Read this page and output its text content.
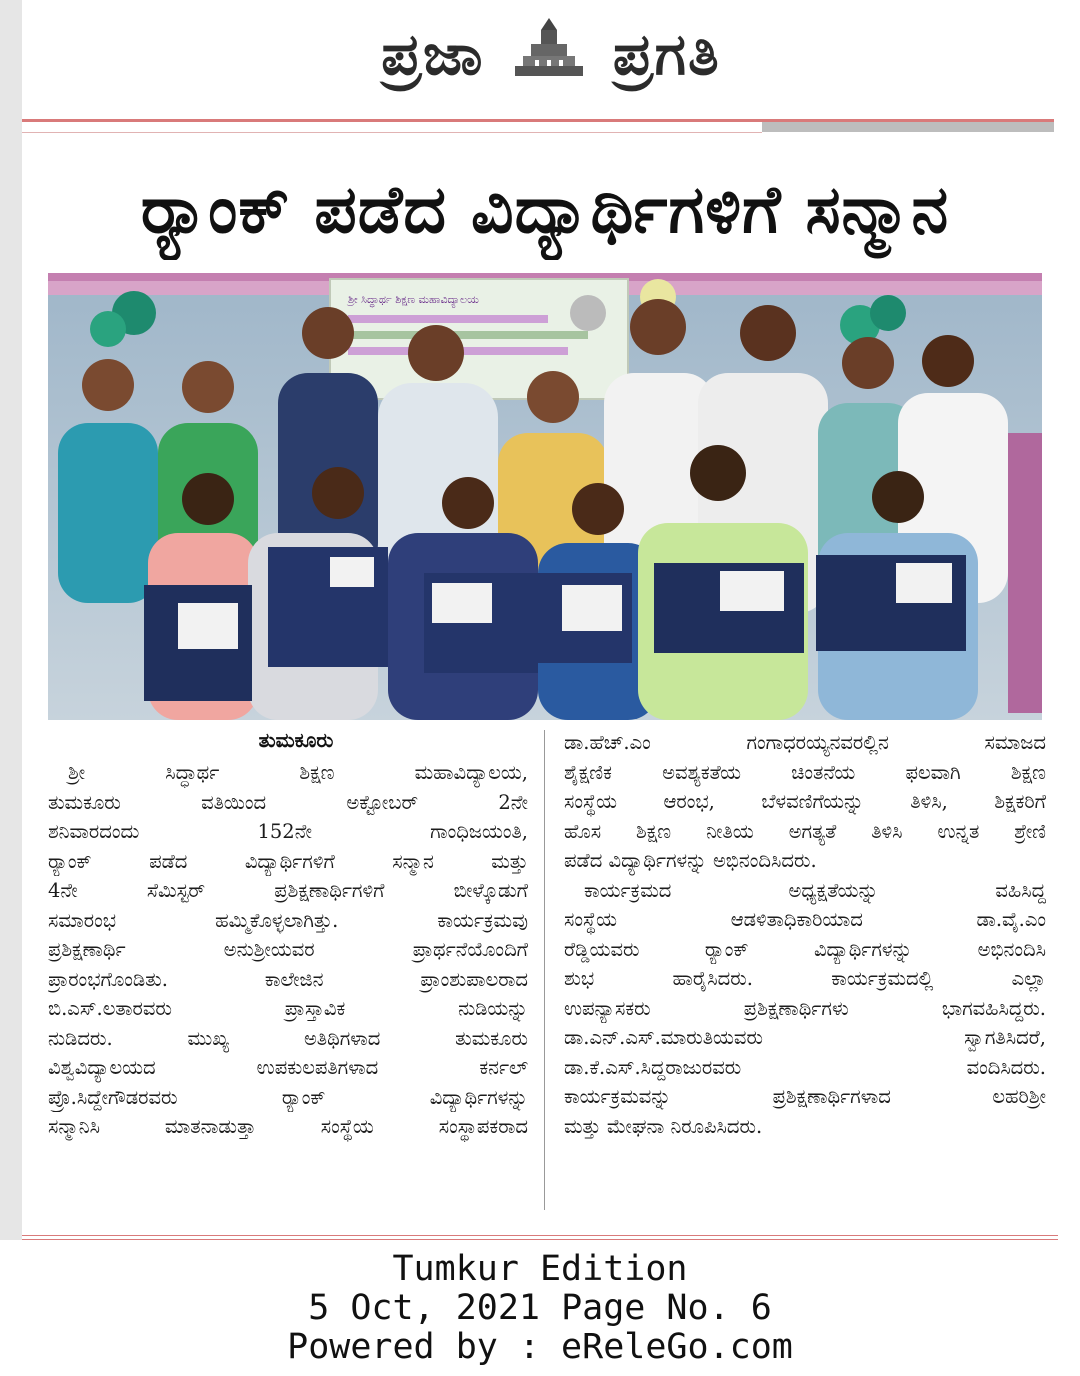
ಪ್ರಜಾ ಪ್ರಗತಿ
ರ್‍ಯಾಂಕ್ ಪಡೆದ ವಿದ್ಯಾರ್ಥಿಗಳಿಗೆ ಸನ್ಮಾನ
ಶ್ರೀ ಸಿದ್ಧಾರ್ಥ ಶಿಕ್ಷಣ ಮಹಾವಿದ್ಯಾಲಯ
ತುಮಕೂರು
ಶ್ರೀ ಸಿದ್ಧಾರ್ಥ ಶಿಕ್ಷಣ ಮಹಾವಿದ್ಯಾಲಯ,
ತುಮಕೂರು ವತಿಯಿಂದ ಅಕ್ಟೋಬರ್ 2ನೇ
ಶನಿವಾರದಂದು 152ನೇ ಗಾಂಧಿಜಯಂತಿ,
ರ್‍ಯಾಂಕ್ ಪಡೆದ ವಿದ್ಯಾರ್ಥಿಗಳಿಗೆ ಸನ್ಮಾನ ಮತ್ತು
4ನೇ ಸೆಮಿಸ್ಟರ್ ಪ್ರಶಿಕ್ಷಣಾರ್ಥಿಗಳಿಗೆ ಬೀಳ್ಕೊಡುಗೆ
ಸಮಾರಂಭ ಹಮ್ಮಿಕೊಳ್ಳಲಾಗಿತ್ತು. ಕಾರ್ಯಕ್ರಮವು
ಪ್ರಶಿಕ್ಷಣಾರ್ಥಿ ಅನುಶ್ರೀಯವರ ಪ್ರಾರ್ಥನೆಯೊಂದಿಗೆ
ಪ್ರಾರಂಭಗೊಂಡಿತು. ಕಾಲೇಜಿನ ಪ್ರಾಂಶುಪಾಲರಾದ
ಬಿ.ಎಸ್.ಲತಾರವರು ಪ್ರಾಸ್ತಾವಿಕ ನುಡಿಯನ್ನು
ನುಡಿದರು. ಮುಖ್ಯ ಅತಿಥಿಗಳಾದ ತುಮಕೂರು
ವಿಶ್ವವಿದ್ಯಾಲಯದ ಉಪಕುಲಪತಿಗಳಾದ ಕರ್ನಲ್
ಪ್ರೊ.ಸಿದ್ದೇಗೌಡರವರು ರ್‍ಯಾಂಕ್ ವಿದ್ಯಾರ್ಥಿಗಳನ್ನು
ಸನ್ಮಾನಿಸಿ ಮಾತನಾಡುತ್ತಾ ಸಂಸ್ಥೆಯ ಸಂಸ್ಥಾಪಕರಾದ
ಡಾ.ಹೆಚ್.ಎಂ ಗಂಗಾಧರಯ್ಯನವರಲ್ಲಿನ ಸಮಾಜದ
ಶೈಕ್ಷಣಿಕ ಅವಶ್ಯಕತೆಯ ಚಿಂತನೆಯ ಫಲವಾಗಿ ಶಿಕ್ಷಣ
ಸಂಸ್ಥೆಯ ಆರಂಭ, ಬೆಳವಣಿಗೆಯನ್ನು ತಿಳಿಸಿ, ಶಿಕ್ಷಕರಿಗೆ
ಹೊಸ ಶಿಕ್ಷಣ ನೀತಿಯ ಅಗತ್ಯತೆ ತಿಳಿಸಿ ಉನ್ನತ ಶ್ರೇಣಿ
ಪಡೆದ ವಿದ್ಯಾರ್ಥಿಗಳನ್ನು ಅಭಿನಂದಿಸಿದರು.
ಕಾರ್ಯಕ್ರಮದ ಅಧ್ಯಕ್ಷತೆಯನ್ನು ವಹಿಸಿದ್ದ
ಸಂಸ್ಥೆಯ ಆಡಳಿತಾಧಿಕಾರಿಯಾದ ಡಾ.ವೈ.ಎಂ
ರೆಡ್ಡಿಯವರು ರ್‍ಯಾಂಕ್ ವಿದ್ಯಾರ್ಥಿಗಳನ್ನು ಅಭಿನಂದಿಸಿ
ಶುಭ ಹಾರೈಸಿದರು. ಕಾರ್ಯಕ್ರಮದಲ್ಲಿ ಎಲ್ಲಾ
ಉಪನ್ಯಾಸಕರು ಪ್ರಶಿಕ್ಷಣಾರ್ಥಿಗಳು ಭಾಗವಹಿಸಿದ್ದರು.
ಡಾ.ಎನ್.ಎಸ್.ಮಾರುತಿಯವರು ಸ್ವಾಗತಿಸಿದರೆ,
ಡಾ.ಕೆ.ಎಸ್.ಸಿದ್ದರಾಜುರವರು ವಂದಿಸಿದರು.
ಕಾರ್ಯಕ್ರಮವನ್ನು ಪ್ರಶಿಕ್ಷಣಾರ್ಥಿಗಳಾದ ಲಹರಿಶ್ರೀ
ಮತ್ತು ಮೇಘನಾ ನಿರೂಪಿಸಿದರು.
Tumkur Edition
5 Oct, 2021 Page No. 6
Powered by : eReleGo.com
